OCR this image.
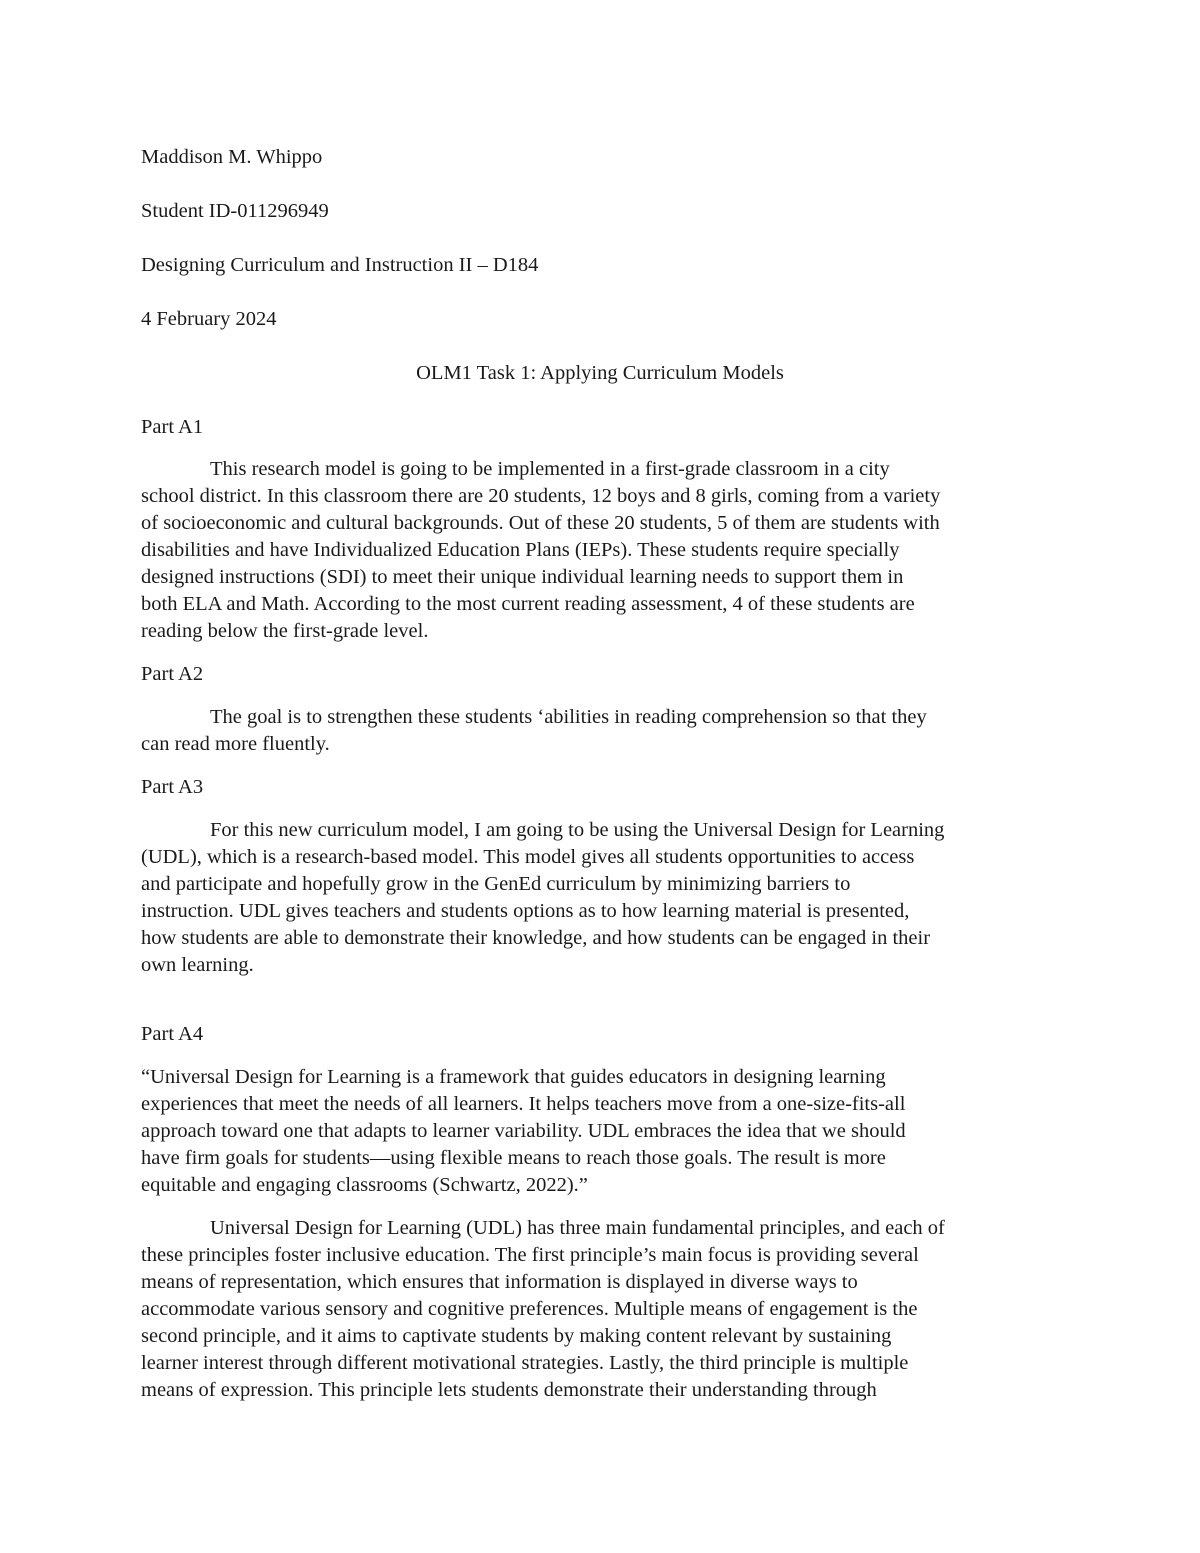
Maddison M. Whippo
Student ID-011296949
Designing Curriculum and Instruction II – D184
4 February 2024
OLM1 Task 1: Applying Curriculum Models
Part A1
This research model is going to be implemented in a first-grade classroom in a city
school district. In this classroom there are 20 students, 12 boys and 8 girls, coming from a variety
of socioeconomic and cultural backgrounds. Out of these 20 students, 5 of them are students with
disabilities and have Individualized Education Plans (IEPs). These students require specially
designed instructions (SDI) to meet their unique individual learning needs to support them in
both ELA and Math. According to the most current reading assessment, 4 of these students are
reading below the first-grade level.
Part A2
The goal is to strengthen these students ‘abilities in reading comprehension so that they
can read more fluently.
Part A3
For this new curriculum model, I am going to be using the Universal Design for Learning
(UDL), which is a research-based model. This model gives all students opportunities to access
and participate and hopefully grow in the GenEd curriculum by minimizing barriers to
instruction. UDL gives teachers and students options as to how learning material is presented,
how students are able to demonstrate their knowledge, and how students can be engaged in their
own learning.
Part A4
“Universal Design for Learning is a framework that guides educators in designing learning
experiences that meet the needs of all learners. It helps teachers move from a one-size-fits-all
approach toward one that adapts to learner variability. UDL embraces the idea that we should
have firm goals for students—using flexible means to reach those goals. The result is more
equitable and engaging classrooms (Schwartz, 2022).”
Universal Design for Learning (UDL) has three main fundamental principles, and each of
these principles foster inclusive education. The first principle’s main focus is providing several
means of representation, which ensures that information is displayed in diverse ways to
accommodate various sensory and cognitive preferences. Multiple means of engagement is the
second principle, and it aims to captivate students by making content relevant by sustaining
learner interest through different motivational strategies. Lastly, the third principle is multiple
means of expression. This principle lets students demonstrate their understanding through
